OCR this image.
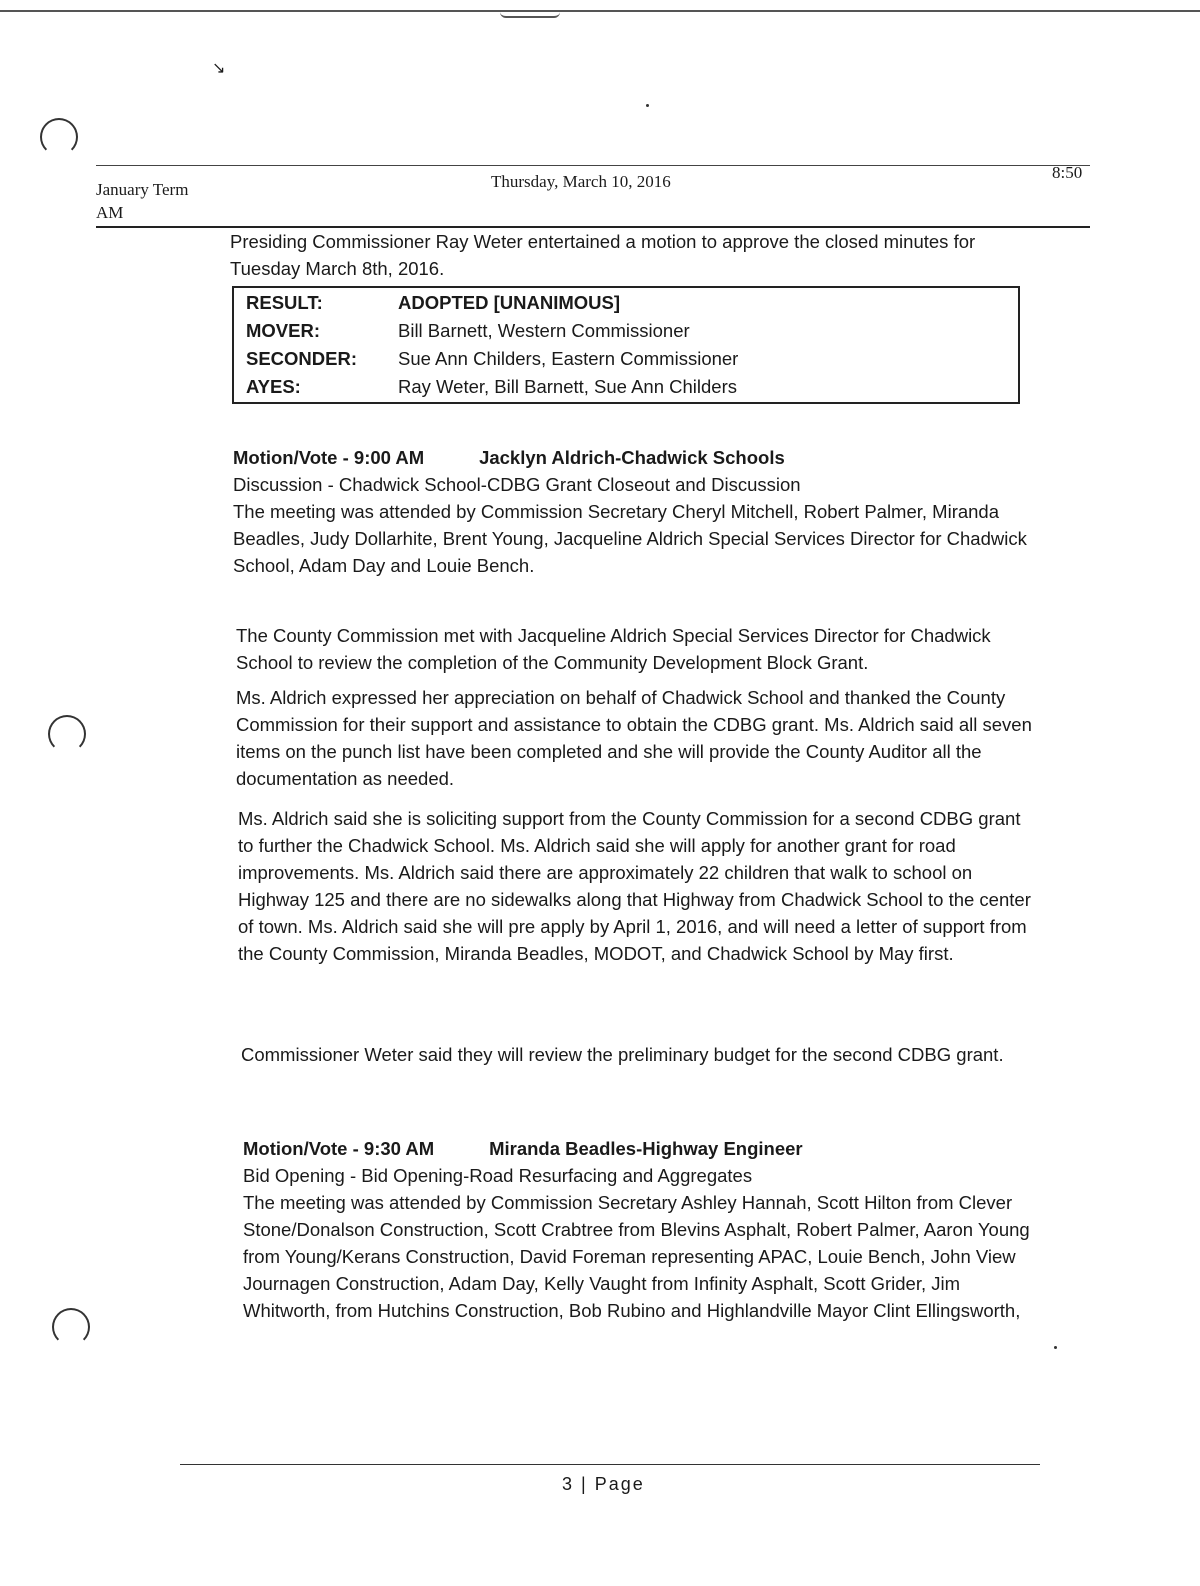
↘
January Term
AM
Thursday, March 10, 2016	8:50

Presiding Commissioner Ray Weter entertained a motion to approve the closed minutes for Tuesday March 8th, 2016.

RESULT:	ADOPTED [UNANIMOUS]
MOVER:	Bill Barnett, Western Commissioner
SECONDER:	Sue Ann Childers, Eastern Commissioner
AYES:	Ray Weter, Bill Barnett, Sue Ann Childers

Motion/Vote - 9:00 AM	Jacklyn Aldrich-Chadwick Schools

Discussion - Chadwick School-CDBG Grant Closeout and Discussion

The meeting was attended by Commission Secretary Cheryl Mitchell, Robert Palmer, Miranda Beadles, Judy Dollarhite, Brent Young, Jacqueline Aldrich Special Services Director for Chadwick School, Adam Day and Louie Bench.

The County Commission met with Jacqueline Aldrich Special Services Director for Chadwick School to review the completion of the Community Development Block Grant.

Ms. Aldrich expressed her appreciation on behalf of Chadwick School and thanked the County Commission for their support and assistance to obtain the CDBG grant. Ms. Aldrich said all seven items on the punch list have been completed and she will provide the County Auditor all the documentation as needed.

Ms. Aldrich said she is soliciting support from the County Commission for a second CDBG grant to further the Chadwick School. Ms. Aldrich said she will apply for another grant for road improvements. Ms. Aldrich said there are approximately 22 children that walk to school on Highway 125 and there are no sidewalks along that Highway from Chadwick School to the center of town. Ms. Aldrich said she will pre apply by April 1, 2016, and will need a letter of support from the County Commission, Miranda Beadles, MODOT, and Chadwick School by May first.

Commissioner Weter said they will review the preliminary budget for the second CDBG grant.

Motion/Vote - 9:30 AM	Miranda Beadles-Highway Engineer

Bid Opening - Bid Opening-Road Resurfacing and Aggregates

The meeting was attended by Commission Secretary Ashley Hannah, Scott Hilton from Clever Stone/Donalson Construction, Scott Crabtree from Blevins Asphalt, Robert Palmer, Aaron Young from Young/Kerans Construction, David Foreman representing APAC, Louie Bench, John View Journagen Construction, Adam Day, Kelly Vaught from Infinity Asphalt, Scott Grider, Jim Whitworth, from Hutchins Construction, Bob Rubino and Highlandville Mayor Clint Ellingsworth,

3 | Page
